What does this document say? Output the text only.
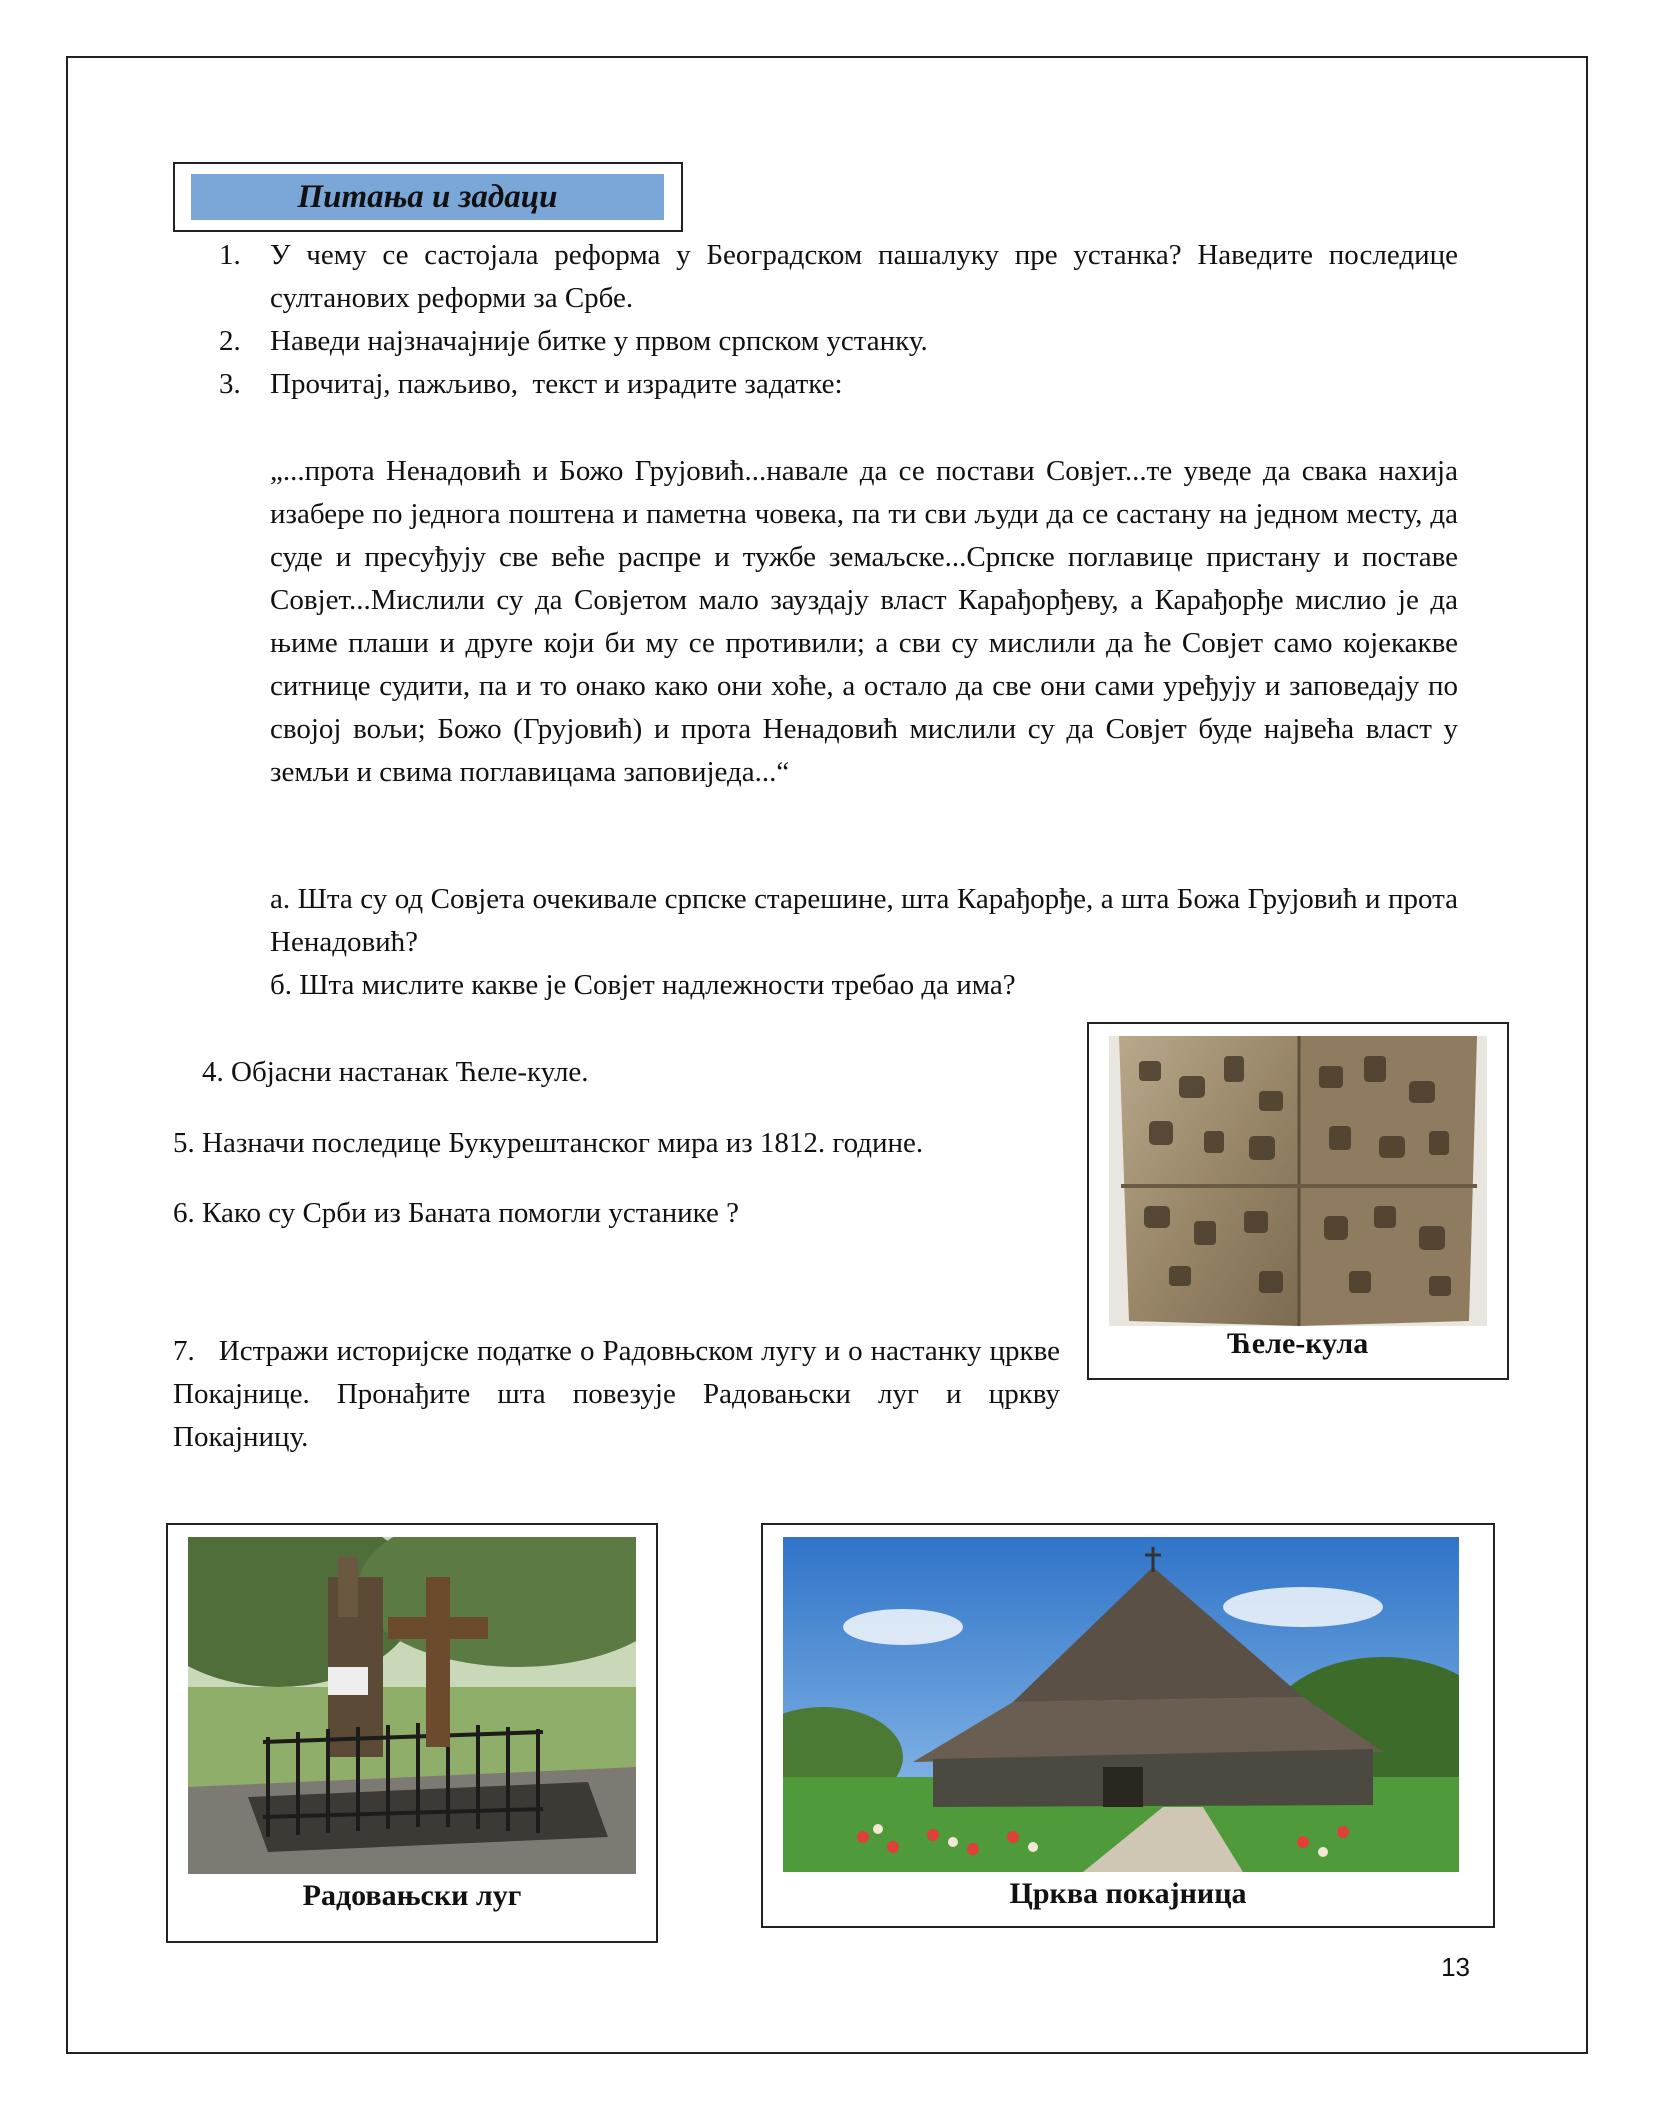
Питања и задаци
1. У чему се састојала реформа у Београдском пашалуку пре устанка? Наведите последице султанових реформи за Србе.
2. Наведи најзначајније битке у првом српском устанку.
3. Прочитај, пажљиво,  текст и израдите задатке:
„...прота Ненадовић и Божо Грујовић...навале да се постави Совјет...те уведе да свака нахија изабере по једнога поштена и паметна човека, па ти сви људи да се састану на једном месту, да суде и пресуђују све веће распре и тужбе земаљске...Српске поглавице пристану и поставе Совјет...Мислили су да Совјетом мало зауздају власт Карађорђеву, а Карађорђе мислио је да њиме плаши и друге који би му се противили; а сви су мислили да ће Совјет само којекакве ситнице судити, па и то онако како они хоће, а остало да све они сами уређују и заповедају по својој вољи; Божо (Грујовић) и прота Ненадовић мислили су да Совјет буде највећа власт у земљи и свима поглавицама заповиједа...“
а. Шта су од Совјета очекивале српске старешине, шта Карађорђе, а шта Божа Грујовић и прота Ненадовић?
б. Шта мислите какве је Совјет надлежности требао да има?
4. Објасни настанак Ћеле-куле.
5. Назначи последице Букурештанског мира из 1812. године.
6. Како су Срби из Баната помогли устанике ?
7.   Истражи историјске податке о Радовњском лугу и о настанку цркве Покајнице. Пронађите шта повезује Радовањски луг и цркву Покајницу.
Ћеле-кула
Радовањски луг	Црква покајница
13
